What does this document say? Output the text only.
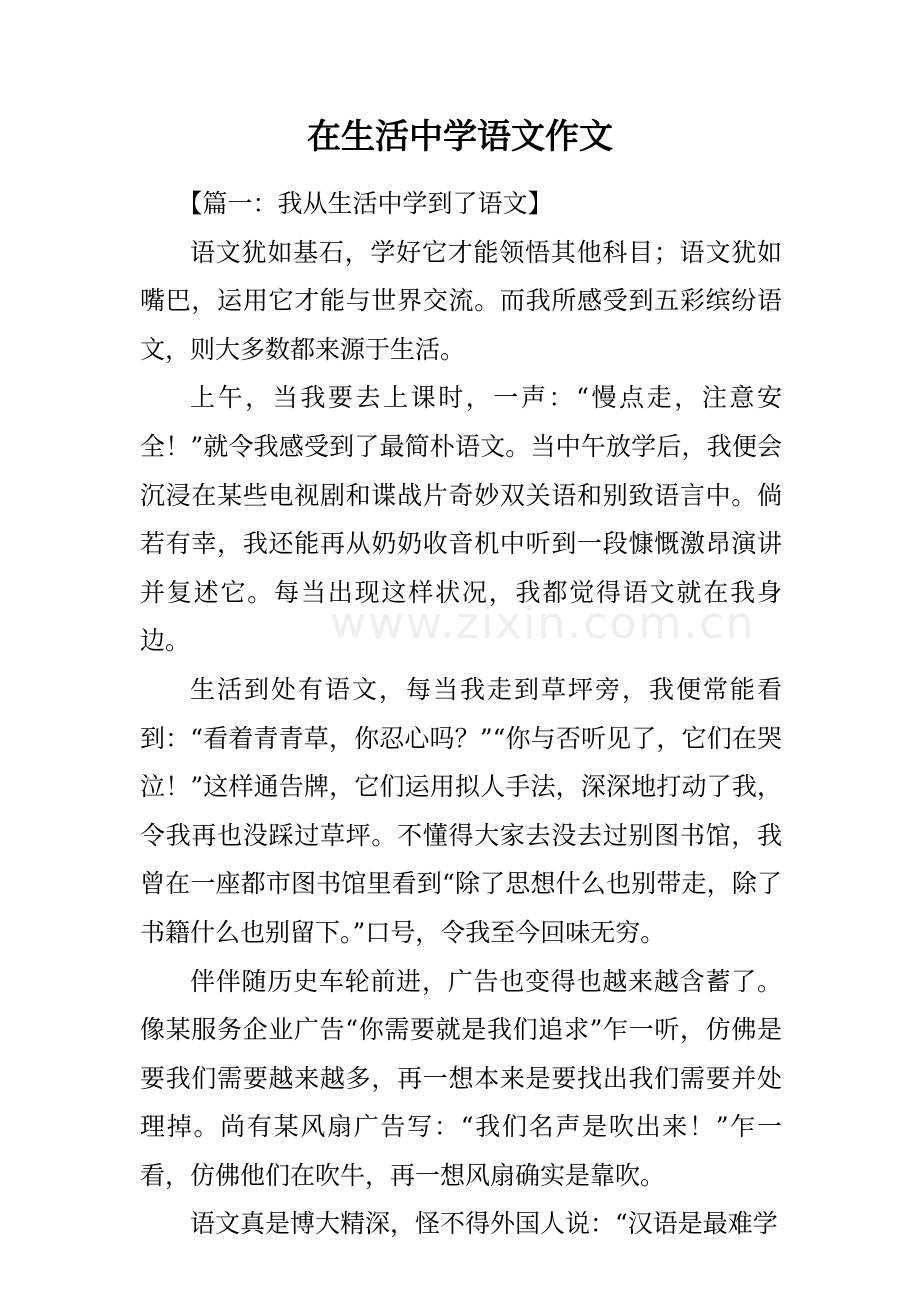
在生活中学语文作文

【篇一：我从生活中学到了语文】

语文犹如基石，学好它才能领悟其他科目；语文犹如嘴巴，运用它才能与世界交流。而我所感受到五彩缤纷语文，则大多数都来源于生活。

上午，当我要去上课时，一声：“慢点走，注意安全！”就令我感受到了最简朴语文。当中午放学后，我便会沉浸在某些电视剧和谍战片奇妙双关语和别致语言中。倘若有幸，我还能再从奶奶收音机中听到一段慷慨激昂演讲并复述它。每当出现这样状况，我都觉得语文就在我身边。

生活到处有语文，每当我走到草坪旁，我便常能看到：“看着青青草，你忍心吗？”“你与否听见了，它们在哭泣！”这样通告牌，它们运用拟人手法，深深地打动了我，令我再也没踩过草坪。不懂得大家去没去过别图书馆，我曾在一座都市图书馆里看到“除了思想什么也别带走，除了书籍什么也别留下。”口号，令我至今回味无穷。

伴伴随历史车轮前进，广告也变得也越来越含蓄了。像某服务企业广告“你需要就是我们追求”乍一听，仿佛是要我们需要越来越多，再一想本来是要找出我们需要并处理掉。尚有某风扇广告写：“我们名声是吹出来！”乍一看，仿佛他们在吹牛，再一想风扇确实是靠吹。

语文真是博大精深，怪不得外国人说：“汉语是最难学

www.zixin.com.cn
